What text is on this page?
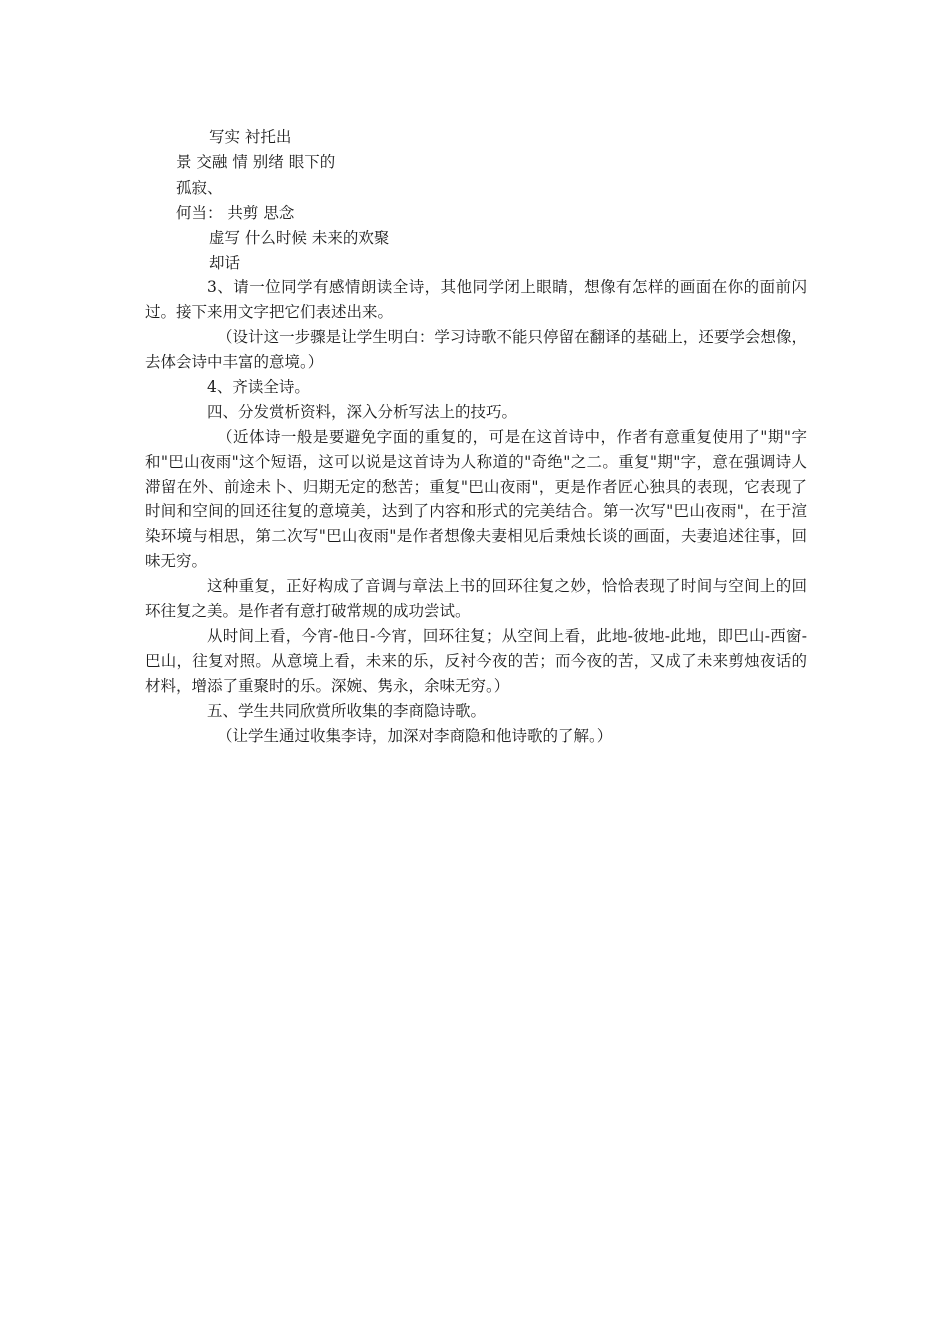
写实 衬托出
景 交融 情 别绪 眼下的
孤寂、
何当： 共剪 思念
虚写 什么时候 未来的欢聚
却话
3、请一位同学有感情朗读全诗，其他同学闭上眼睛，想像有怎样的画面在你的面前闪过。接下来用文字把它们表述出来。
（设计这一步骤是让学生明白：学习诗歌不能只停留在翻译的基础上，还要学会想像，去体会诗中丰富的意境。）
4、齐读全诗。
四、分发赏析资料，深入分析写法上的技巧。
（近体诗一般是要避免字面的重复的，可是在这首诗中，作者有意重复使用了"期"字和"巴山夜雨"这个短语，这可以说是这首诗为人称道的"奇绝"之二。重复"期"字，意在强调诗人滞留在外、前途未卜、归期无定的愁苦；重复"巴山夜雨"，更是作者匠心独具的表现，它表现了时间和空间的回还往复的意境美，达到了内容和形式的完美结合。第一次写"巴山夜雨"，在于渲染环境与相思，第二次写"巴山夜雨"是作者想像夫妻相见后秉烛长谈的画面，夫妻追述往事，回味无穷。
这种重复，正好构成了音调与章法上书的回环往复之妙，恰恰表现了时间与空间上的回环往复之美。是作者有意打破常规的成功尝试。
从时间上看，今宵-他日-今宵，回环往复；从空间上看，此地-彼地-此地，即巴山-西窗-巴山，往复对照。从意境上看，未来的乐，反衬今夜的苦；而今夜的苦，又成了未来剪烛夜话的材料，增添了重聚时的乐。深婉、隽永，余味无穷。）
五、学生共同欣赏所收集的李商隐诗歌。
（让学生通过收集李诗，加深对李商隐和他诗歌的了解。）
